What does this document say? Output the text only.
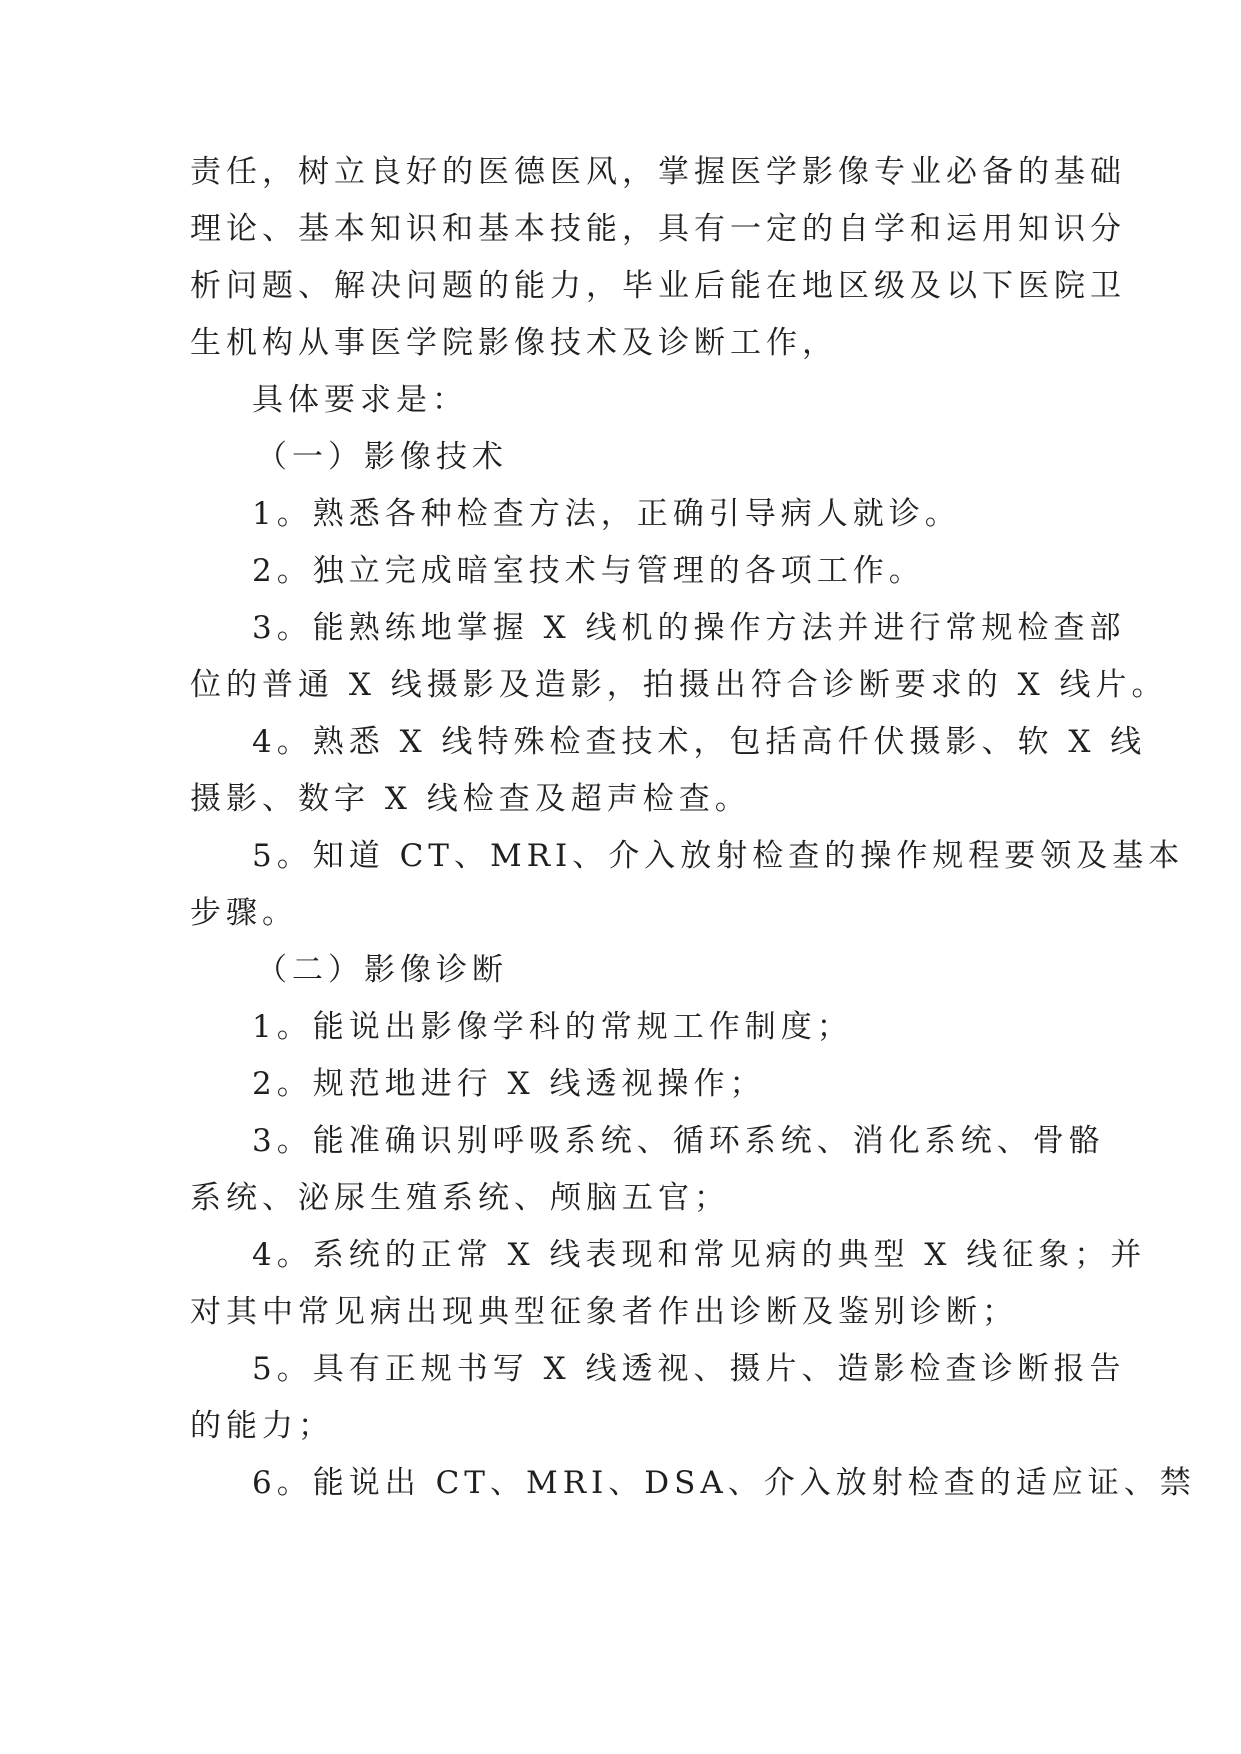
责任，树立良好的医德医风，掌握医学影像专业必备的基础
理论、基本知识和基本技能，具有一定的自学和运用知识分
析问题、解决问题的能力，毕业后能在地区级及以下医院卫
生机构从事医学院影像技术及诊断工作，
具体要求是：
（一）影像技术
1。熟悉各种检查方法，正确引导病人就诊。
2。独立完成暗室技术与管理的各项工作。
3。能熟练地掌握 X 线机的操作方法并进行常规检查部
位的普通 X 线摄影及造影，拍摄出符合诊断要求的 X 线片。
4。熟悉 X 线特殊检查技术，包括高仟伏摄影、软 X 线
摄影、数字 X 线检查及超声检查。
5。知道 CT、MRI、介入放射检查的操作规程要领及基本
步骤。
（二）影像诊断
1。能说出影像学科的常规工作制度；
2。规范地进行 X 线透视操作；
3。能准确识别呼吸系统、循环系统、消化系统、骨骼
系统、泌尿生殖系统、颅脑五官；
4。系统的正常 X 线表现和常见病的典型 X 线征象；并
对其中常见病出现典型征象者作出诊断及鉴别诊断；
5。具有正规书写 X 线透视、摄片、造影检查诊断报告
的能力；
6。能说出 CT、MRI、DSA、介入放射检查的适应证、禁
